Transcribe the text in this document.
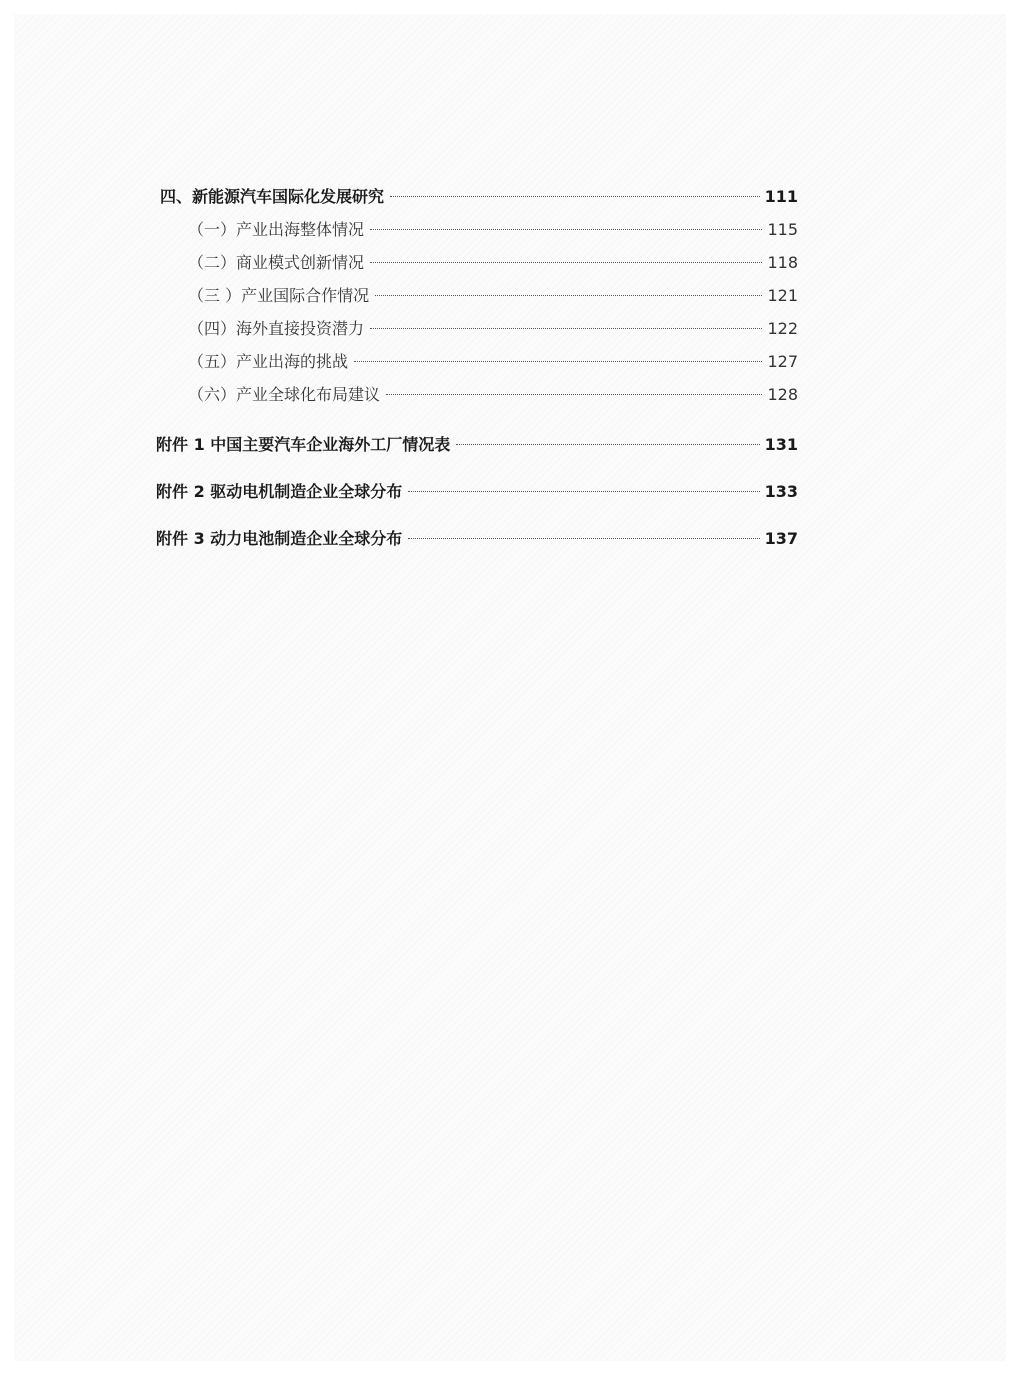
四、新能源汽车国际化发展研究	111
（一）产业出海整体情况	115
（二）商业模式创新情况	118
（三 ）产业国际合作情况	121
（四）海外直接投资潜力	122
（五）产业出海的挑战	127
（六）产业全球化布局建议	128
附件 1 中国主要汽车企业海外工厂情况表	131
附件 2 驱动电机制造企业全球分布	133
附件 3 动力电池制造企业全球分布	137
